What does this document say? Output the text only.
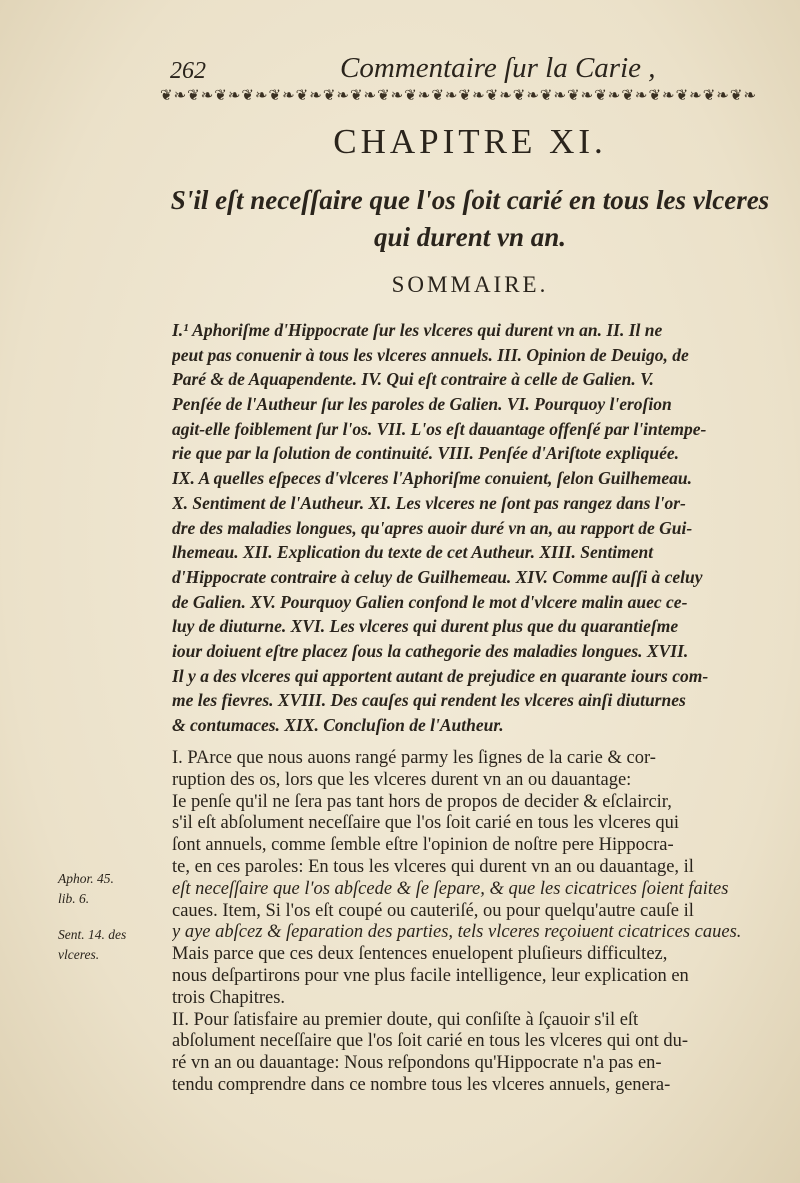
262	Commentaire ſur la Carie ,
❦❧❦❧❦❧❦❧❦❧❦❧❦❧❦❧❦❧❦❧❦❧❦❧❦❧❦❧❦❧❦❧❦❧❦❧❦❧❦❧❦❧❦❧
CHAPITRE XI.
S'il eſt neceſſaire que l'os ſoit carié en tous les vlceres
qui durent vn an.
SOMMAIRE.
I.¹ Aphoriſme d'Hippocrate ſur les vlceres qui durent vn an. II. Il ne
peut pas conuenir à tous les vlceres annuels. III. Opinion de Deuigo, de
Paré & de Aquapendente. IV. Qui eſt contraire à celle de Galien. V.
Penſée de l'Autheur ſur les paroles de Galien. VI. Pourquoy l'eroſion
agit-elle foiblement ſur l'os. VII. L'os eſt dauantage offenſé par l'intempe-
rie que par la ſolution de continuité. VIII. Penſée d'Ariſtote expliquée.
IX. A quelles eſpeces d'vlceres l'Aphoriſme conuient, ſelon Guilhemeau.
X. Sentiment de l'Autheur. XI. Les vlceres ne ſont pas rangez dans l'or-
dre des maladies longues, qu'apres auoir duré vn an, au rapport de Gui-
lhemeau. XII. Explication du texte de cet Autheur. XIII. Sentiment
d'Hippocrate contraire à celuy de Guilhemeau. XIV. Comme auſſi à celuy
de Galien. XV. Pourquoy Galien confond le mot d'vlcere malin auec ce-
luy de diuturne. XVI. Les vlceres qui durent plus que du quarantieſme
iour doiuent eſtre placez ſous la cathegorie des maladies longues. XVII.
Il y a des vlceres qui apportent autant de prejudice en quarante iours com-
me les fievres. XVIII. Des cauſes qui rendent les vlceres ainſi diuturnes
& contumaces. XIX. Concluſion de l'Autheur.
Aphor. 45.
lib. 6.
Sent. 14. des
vlceres.
I. PArce que nous auons rangé parmy les ſignes de la carie & cor-
ruption des os, lors que les vlceres durent vn an ou dauantage:
Ie penſe qu'il ne ſera pas tant hors de propos de decider & eſclaircir,
s'il eſt abſolument neceſſaire que l'os ſoit carié en tous les vlceres qui
ſont annuels, comme ſemble eſtre l'opinion de noſtre pere Hippocra-
te, en ces paroles: En tous les vlceres qui durent vn an ou dauantage, il
eſt neceſſaire que l'os abſcede & ſe ſepare, & que les cicatrices ſoient faites
caues. Item, Si l'os eſt coupé ou cauteriſé, ou pour quelqu'autre cauſe il
y aye abſcez & ſeparation des parties, tels vlceres reçoiuent cicatrices caues.
Mais parce que ces deux ſentences enuelopent pluſieurs difficultez,
nous deſpartirons pour vne plus facile intelligence, leur explication en
trois Chapitres.
II. Pour ſatisfaire au premier doute, qui conſiſte à ſçauoir s'il eſt
abſolument neceſſaire que l'os ſoit carié en tous les vlceres qui ont du-
ré vn an ou dauantage: Nous reſpondons qu'Hippocrate n'a pas en-
tendu comprendre dans ce nombre tous les vlceres annuels, genera-
